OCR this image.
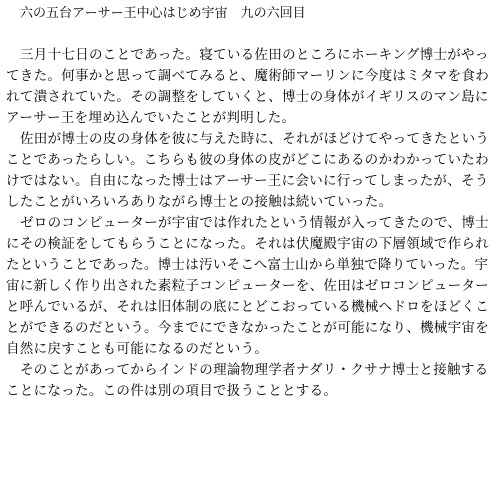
六の五台アーサー王中心はじめ宇宙　九の六回目

三月十七日のことであった。寝ている佐田のところにホーキング博士がやってきた。何事かと思って調べてみると、魔術師マーリンに今度はミタマを食われて潰されていた。その調整をしていくと、博士の身体がイギリスのマン島にアーサー王を埋め込んでいたことが判明した。

佐田が博士の皮の身体を彼に与えた時に、それがほどけてやってきたということであったらしい。こちらも彼の身体の皮がどこにあるのかわかっていたわけではない。自由になった博士はアーサー王に会いに行ってしまったが、そうしたことがいろいろありながら博士との接触は続いていった。

ゼロのコンピューターが宇宙では作れたという情報が入ってきたので、博士にその検証をしてもらうことになった。それは伏魔殿宇宙の下層領域で作られたということであった。博士は汚いそこへ富士山から単独で降りていった。宇宙に新しく作り出された素粒子コンピューターを、佐田はゼロコンピューターと呼んでいるが、それは旧体制の底にとどこおっている機械へドロをほどくことができるのだという。今までにできなかったことが可能になり、機械宇宙を自然に戻すことも可能になるのだという。

そのことがあってからインドの理論物理学者ナダリ・クサナ博士と接触することになった。この件は別の項目で扱うこととする。
